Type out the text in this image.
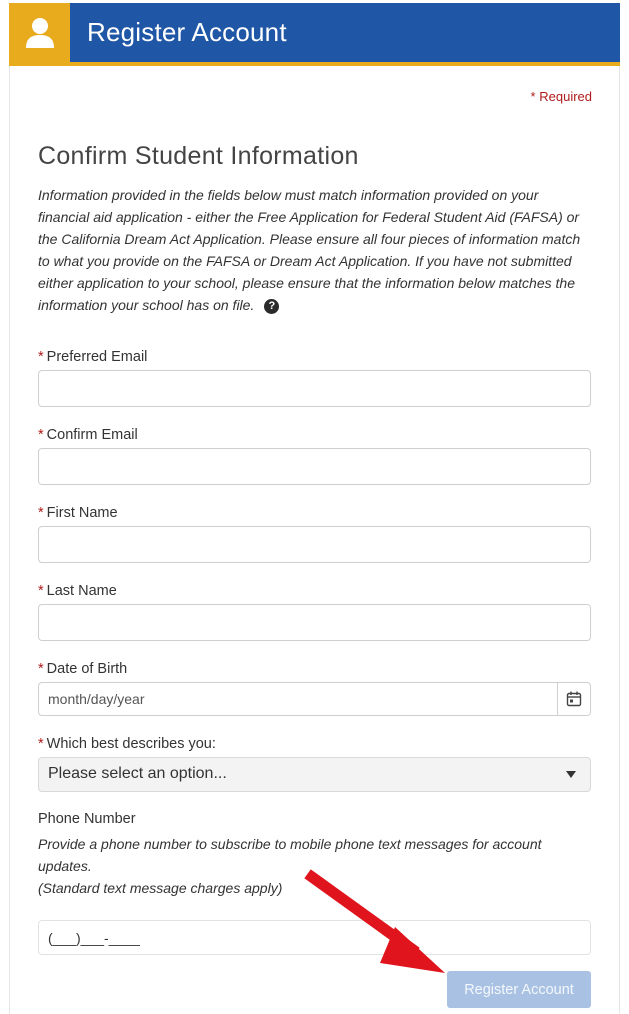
Register Account
* Required
Confirm Student Information

Information provided in the fields below must match information provided on your financial aid application - either the Free Application for Federal Student Aid (FAFSA) or the California Dream Act Application. Please ensure all four pieces of information match to what you provide on the FAFSA or Dream Act Application. If you have not submitted either application to your school, please ensure that the information below matches the information your school has on file. ?

* Preferred Email
* Confirm Email
* First Name
* Last Name
* Date of Birth
month/day/year
* Which best describes you:
Please select an option...
Phone Number
Provide a phone number to subscribe to mobile phone text messages for account updates.
(Standard text message charges apply)
(___)___-____
Register Account
